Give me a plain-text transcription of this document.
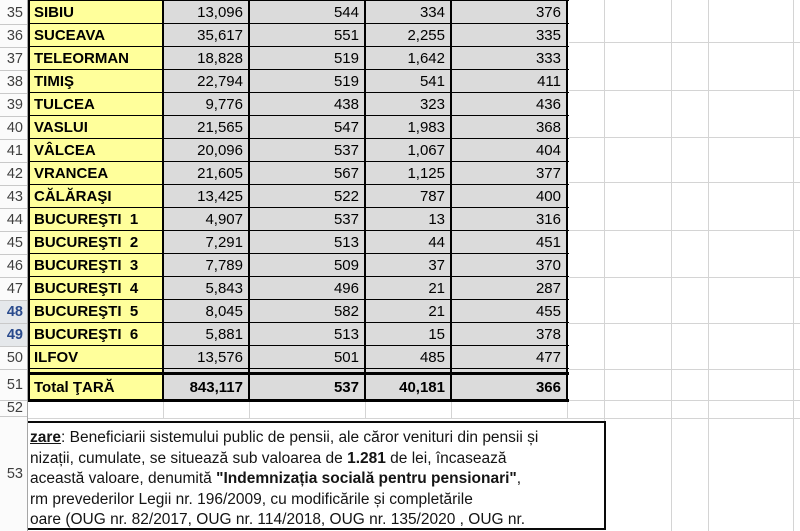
35
36
37
38
39
40
41
42
43
44
45
46
47
48
49
50
51
52
53
SIBIU	13,096	544	334	376
SUCEAVA	35,617	551	2,255	335
TELEORMAN	18,828	519	1,642	333
TIMIŞ	22,794	519	541	411
TULCEA	9,776	438	323	436
VASLUI	21,565	547	1,983	368
VÂLCEA	20,096	537	1,067	404
VRANCEA	21,605	567	1,125	377
CĂLĂRAŞI	13,425	522	787	400
BUCUREŞTI  1	4,907	537	13	316
BUCUREŞTI  2	7,291	513	44	451
BUCUREŞTI  3	7,789	509	37	370
BUCUREŞTI  4	5,843	496	21	287
BUCUREŞTI  5	8,045	582	21	455
BUCUREŞTI  6	5,881	513	15	378
ILFOV	13,576	501	485	477
Total ŢARĂ	843,117	537	40,181	366
zare: Beneficiarii sistemului public de pensii, ale căror venituri din pensii și
nizații, cumulate, se situează sub valoarea de 1.281 de lei, încasează
această valoare, denumită "Indemnizația socială pentru pensionari",
rm prevederilor Legii nr. 196/2009, cu modificările și completările
oare (OUG nr. 82/2017, OUG nr. 114/2018, OUG nr. 135/2020 , OUG nr.
